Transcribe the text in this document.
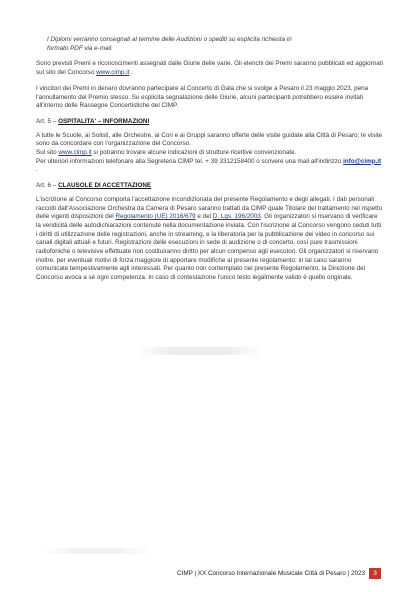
I Diplomi verranno consegnati al termine delle Audizioni o spediti su esplicita richiesta in
formato PDF via e-mail.

Sono previsti Premi e riconoscimenti assegnati dalle Giurie delle varie. Gli elenchi dei Premi saranno pubblicati ed aggiornati sul sito del Concorso www.cimp.it .

I vincitori dei Premi in denaro dovranno partecipare al Concerto di Gala che si svolge a Pesaro il 23 maggio 2023, pena l'annullamento del Premio stesso. Su esplicita segnalazione delle Giurie, alcuni partecipanti potrebbero essere invitati all'interno delle Rassegne Concertistiche del CIMP.

Art. 5 – OSPITALITA' – INFORMAZIONI

A tutte le Scuole, ai Solisti, alle Orchestre, ai Cori e ai Gruppi saranno offerte delle visite guidate alla Città di Pesaro; le visite sono da concordare con l'organizzazione del Concorso.
Sul sito www.cimp.it si potranno trovare alcune indicazioni di strutture ricettive convenzionate.
Per ulteriori informazioni telefonare alla Segreteria CIMP tel. + 39 3312158400 o scrivere una mail all'indirizzo info@cimp.it .

Art. 6 – CLAUSOLE DI ACCETTAZIONE

L'iscrizione al Concorso comporta l'accettazione incondizionata del presente Regolamento e degli allegati. I dati personali raccolti dall'Associazione Orchestra da Camera di Pesaro saranno trattati da CIMP quale Titolare del trattamento nel rispetto delle vigenti disposizioni del Regolamento (UE) 2016/679 e del D. Lgs. 196/2003. Gli organizzatori si riservano di verificare la veridicità delle autodichiarazioni contenute nella documentazione inviata. Con l'iscrizione al Concorso vengono ceduti tutti i diritti di utilizzazione delle registrazioni, anche in streaming, e la liberatoria per la pubblicazione dei video in concorso sui canali digitali attuali e futuri. Registrazioni delle esecuzioni in sede di audizione o di concerto, così pure trasmissioni radiofoniche o televisive effettuate non costituiranno diritto per alcun compenso agli esecutori. Gli organizzatori si riservano inoltre, per eventuali motivi di forza maggiore di apportare modifiche al presente regolamento; in tal caso saranno comunicate tempestivamente agli interessati. Per quanto non contemplato nel presente Regolamento, la Direzione del Concorso avoca a sé ogni competenza. In caso di contestazione l'unico testo legalmente valido è quello originale.

CIMP | XX Concorso Internazionale Musicale Città di Pesaro | 2023	3
